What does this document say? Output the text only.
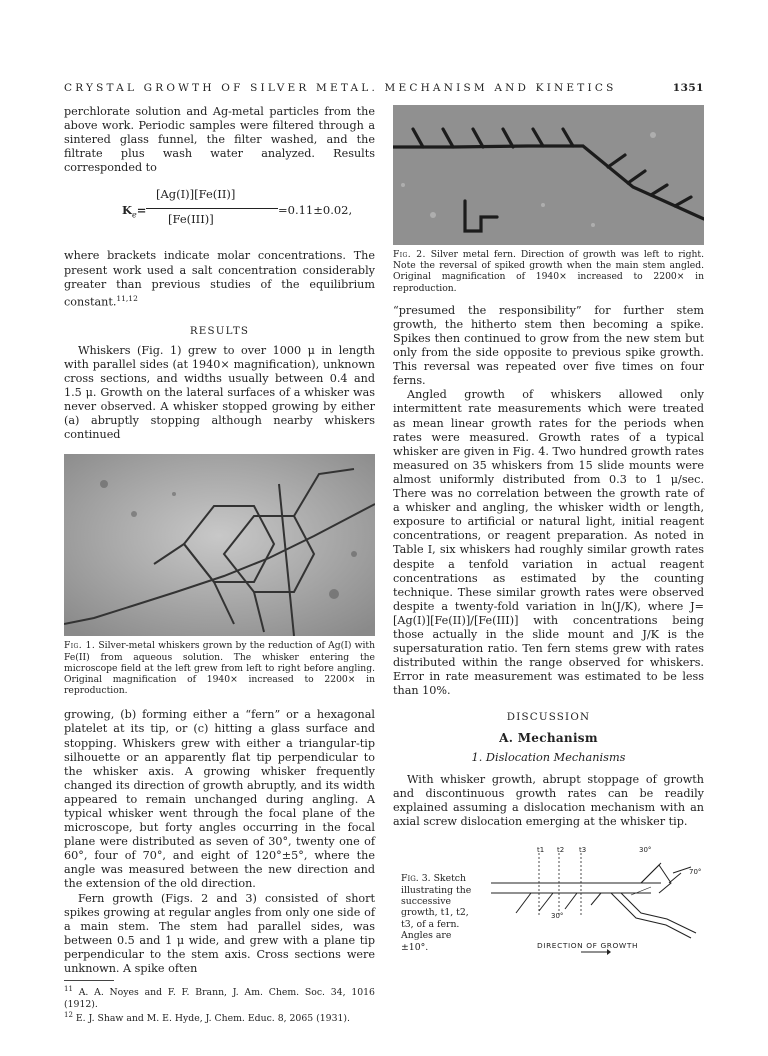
CRYSTAL GROWTH OF SILVER METAL. MECHANISM AND KINETICS	1351

perchlorate solution and Ag-metal particles from the above work. Periodic samples were filtered through a sintered glass funnel, the filter washed, and the filtrate plus wash water analyzed. Results corresponded to

$K_e=$
[Ag(I)][Fe(II)]
[Fe(III)]
=0.11±0.02,

where brackets indicate molar concentrations. The present work used a salt concentration considerably greater than previous studies of the equilibrium constant.$^{11,12}$

RESULTS

Whiskers (Fig. 1) grew to over 1000 μ in length with parallel sides (at 1940× magnification), unknown cross sections, and widths usually between 0.4 and 1.5 μ. Growth on the lateral surfaces of a whisker was never observed. A whisker stopped growing by either (a) abruptly stopping although nearby whiskers continued

Fig. 1. Silver-metal whiskers grown by the reduction of Ag(I) with Fe(II) from aqueous solution. The whisker entering the microscope field at the left grew from left to right before angling. Original magnification of 1940× increased to 2200× in reproduction.

growing, (b) forming either a “fern” or a hexagonal platelet at its tip, or (c) hitting a glass surface and stopping. Whiskers grew with either a triangular-tip silhouette or an apparently flat tip perpendicular to the whisker axis. A growing whisker frequently changed its direction of growth abruptly, and its width appeared to remain unchanged during angling. A typical whisker went through the focal plane of the microscope, but forty angles occurring in the focal plane were distributed as seven of 30°, twenty one of 60°, four of 70°, and eight of 120°±5°, where the angle was measured between the new direction and the extension of the old direction.

Fern growth (Figs. 2 and 3) consisted of short spikes growing at regular angles from only one side of a main stem. The stem had parallel sides, was between 0.5 and 1 μ wide, and grew with a plane tip perpendicular to the stem axis. Cross sections were unknown. A spike often

$^{11}$ A. A. Noyes and F. F. Brann, J. Am. Chem. Soc. 34, 1016 (1912).
$^{12}$ E. J. Shaw and M. E. Hyde, J. Chem. Educ. 8, 2065 (1931).
Fig. 2. Silver metal fern. Direction of growth was left to right. Note the reversal of spiked growth when the main stem angled. Original magnification of 1940× increased to 2200× in reproduction.

“presumed the responsibility” for further stem growth, the hitherto stem then becoming a spike. Spikes then continued to grow from the new stem but only from the side opposite to previous spike growth. This reversal was repeated over five times on four ferns.

Angled growth of whiskers allowed only intermittent rate measurements which were treated as mean linear growth rates for the periods when rates were measured. Growth rates of a typical whisker are given in Fig. 4. Two hundred growth rates measured on 35 whiskers from 15 slide mounts were almost uniformly distributed from 0.3 to 1 μ/sec. There was no correlation between the growth rate of a whisker and angling, the whisker width or length, exposure to artificial or natural light, initial reagent concentrations, or reagent preparation. As noted in Table I, six whiskers had roughly similar growth rates despite a tenfold variation in actual reagent concentrations as estimated by the counting technique. These similar growth rates were observed despite a twenty-fold variation in ln(J/K), where J=[Ag(I)][Fe(II)]/[Fe(III)] with concentrations being those actually in the slide mount and J/K is the supersaturation ratio. Ten fern stems grew with rates distributed within the range observed for whiskers. Error in rate measurement was estimated to be less than 10%.

DISCUSSION
A. Mechanism
1. Dislocation Mechanisms

With whisker growth, abrupt stoppage of growth and discontinuous growth rates can be readily explained assuming a dislocation mechanism with an axial screw dislocation emerging at the whisker tip.

Fig. 3. Sketch illustrating the successive growth, t1, t2, t3, of a fern. Angles are ±10°.
t1 t2 t3	30°
70°
30°
DIRECTION OF GROWTH
